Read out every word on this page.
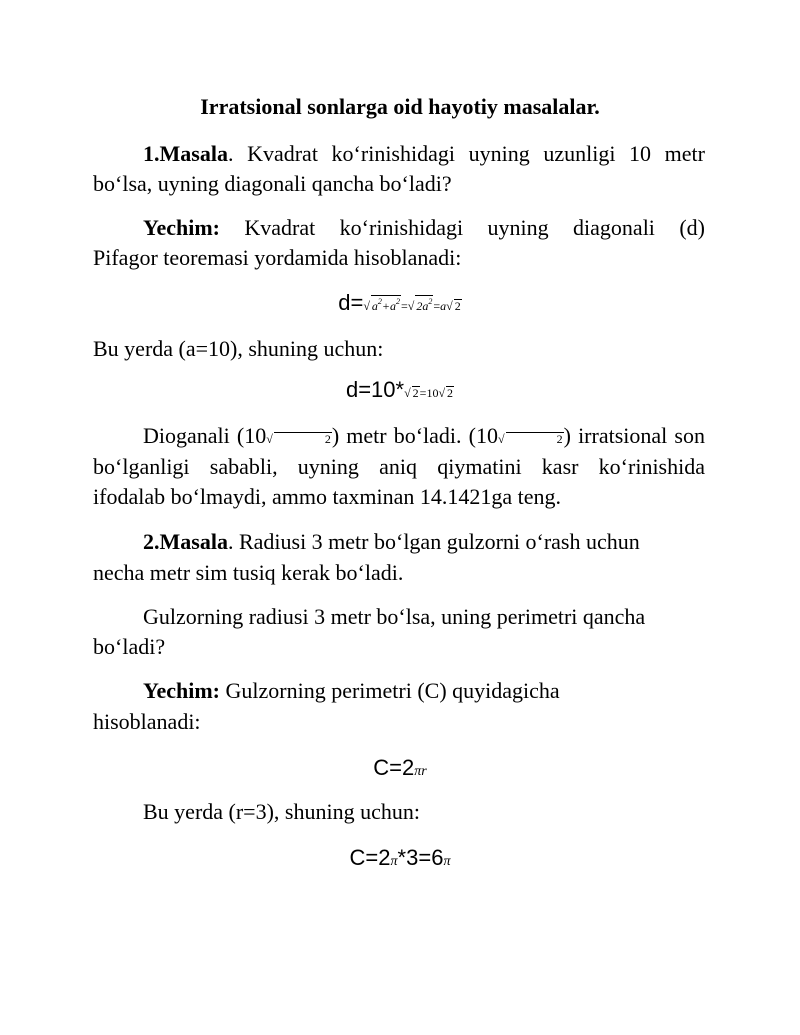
Irratsional sonlarga oid hayotiy masalalar.
1.Masala. Kvadrat ko‘rinishidagi uyning uzunligi 10 metr
bo‘lsa, uyning diagonali qancha bo‘ladi?
Yechim: Kvadrat ko‘rinishidagi uyning diagonali (d)
Pifagor teoremasi yordamida hisoblanadi:
d=√ $a^2+a^2=√$ $2a^2=a√$ 2
Bu yerda (a=10), shuning uchun:
d=10*√ 2=10√ 2
Dioganali (10√	2) metr bo‘ladi. (10√	2) irratsional son
bo‘lganligi sababli, uyning aniq qiymatini kasr ko‘rinishida
ifodalab bo‘lmaydi, ammo taxminan 14.1421ga teng.
2.Masala. Radiusi 3 metr bo‘lgan gulzorni o‘rash uchun
necha metr sim tusiq kerak bo‘ladi.
Gulzorning radiusi 3 metr bo‘lsa, uning perimetri qancha
bo‘ladi?
Yechim: Gulzorning perimetri (C) quyidagicha
hisoblanadi:
C=2πr
Bu yerda (r=3), shuning uchun:
C=2π*3=6π
